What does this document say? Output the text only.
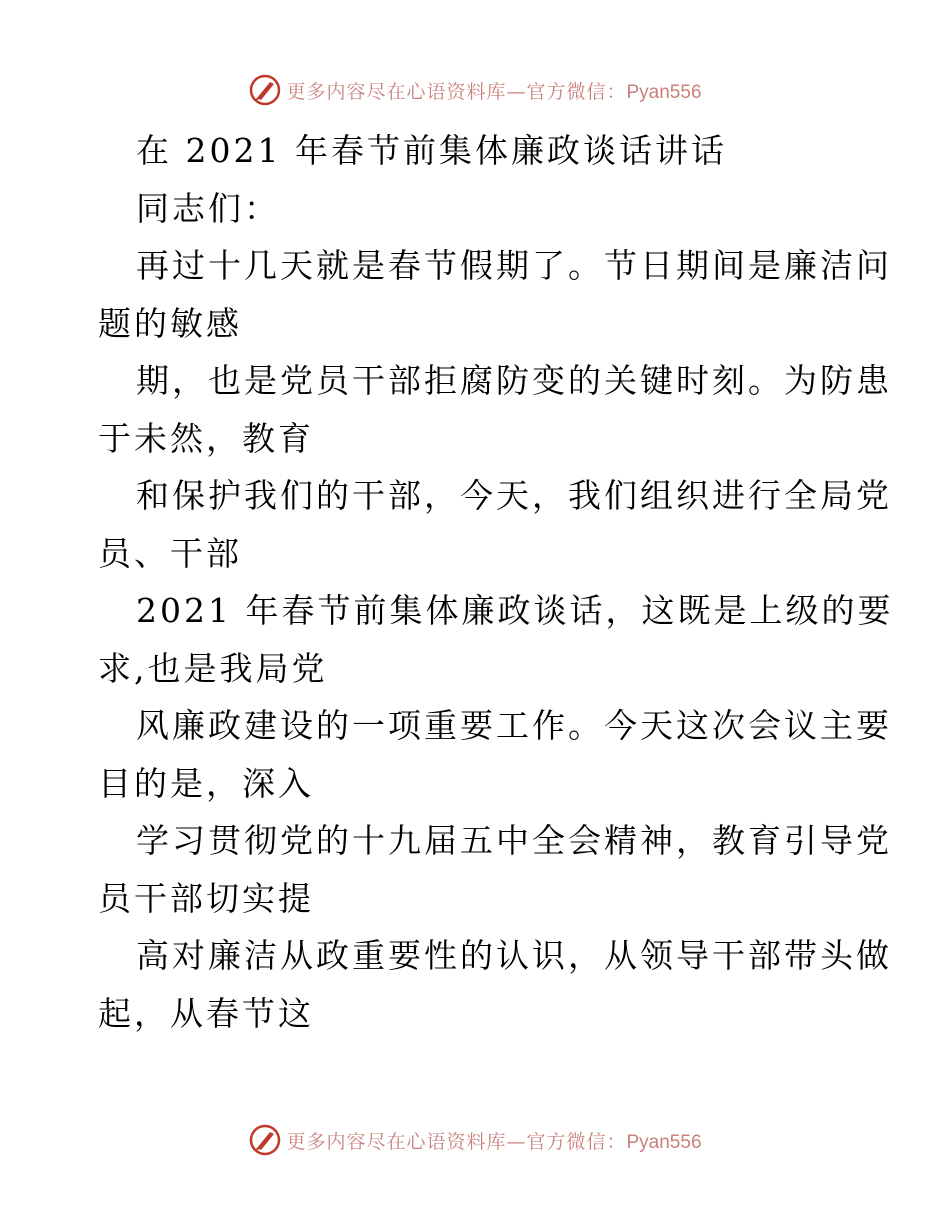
更多内容尽在心语资料库—官方微信：Pyan556
在 2021 年春节前集体廉政谈话讲话
同志们：
再过十几天就是春节假期了。节日期间是廉洁问
题的敏感
期，也是党员干部拒腐防变的关键时刻。为防患
于未然，教育
和保护我们的干部，今天，我们组织进行全局党
员、干部
2021 年春节前集体廉政谈话，这既是上级的要
求,也是我局党
风廉政建设的一项重要工作。今天这次会议主要
目的是，深入
学习贯彻党的十九届五中全会精神，教育引导党
员干部切实提
高对廉洁从政重要性的认识，从领导干部带头做
起，从春节这
更多内容尽在心语资料库—官方微信：Pyan556
